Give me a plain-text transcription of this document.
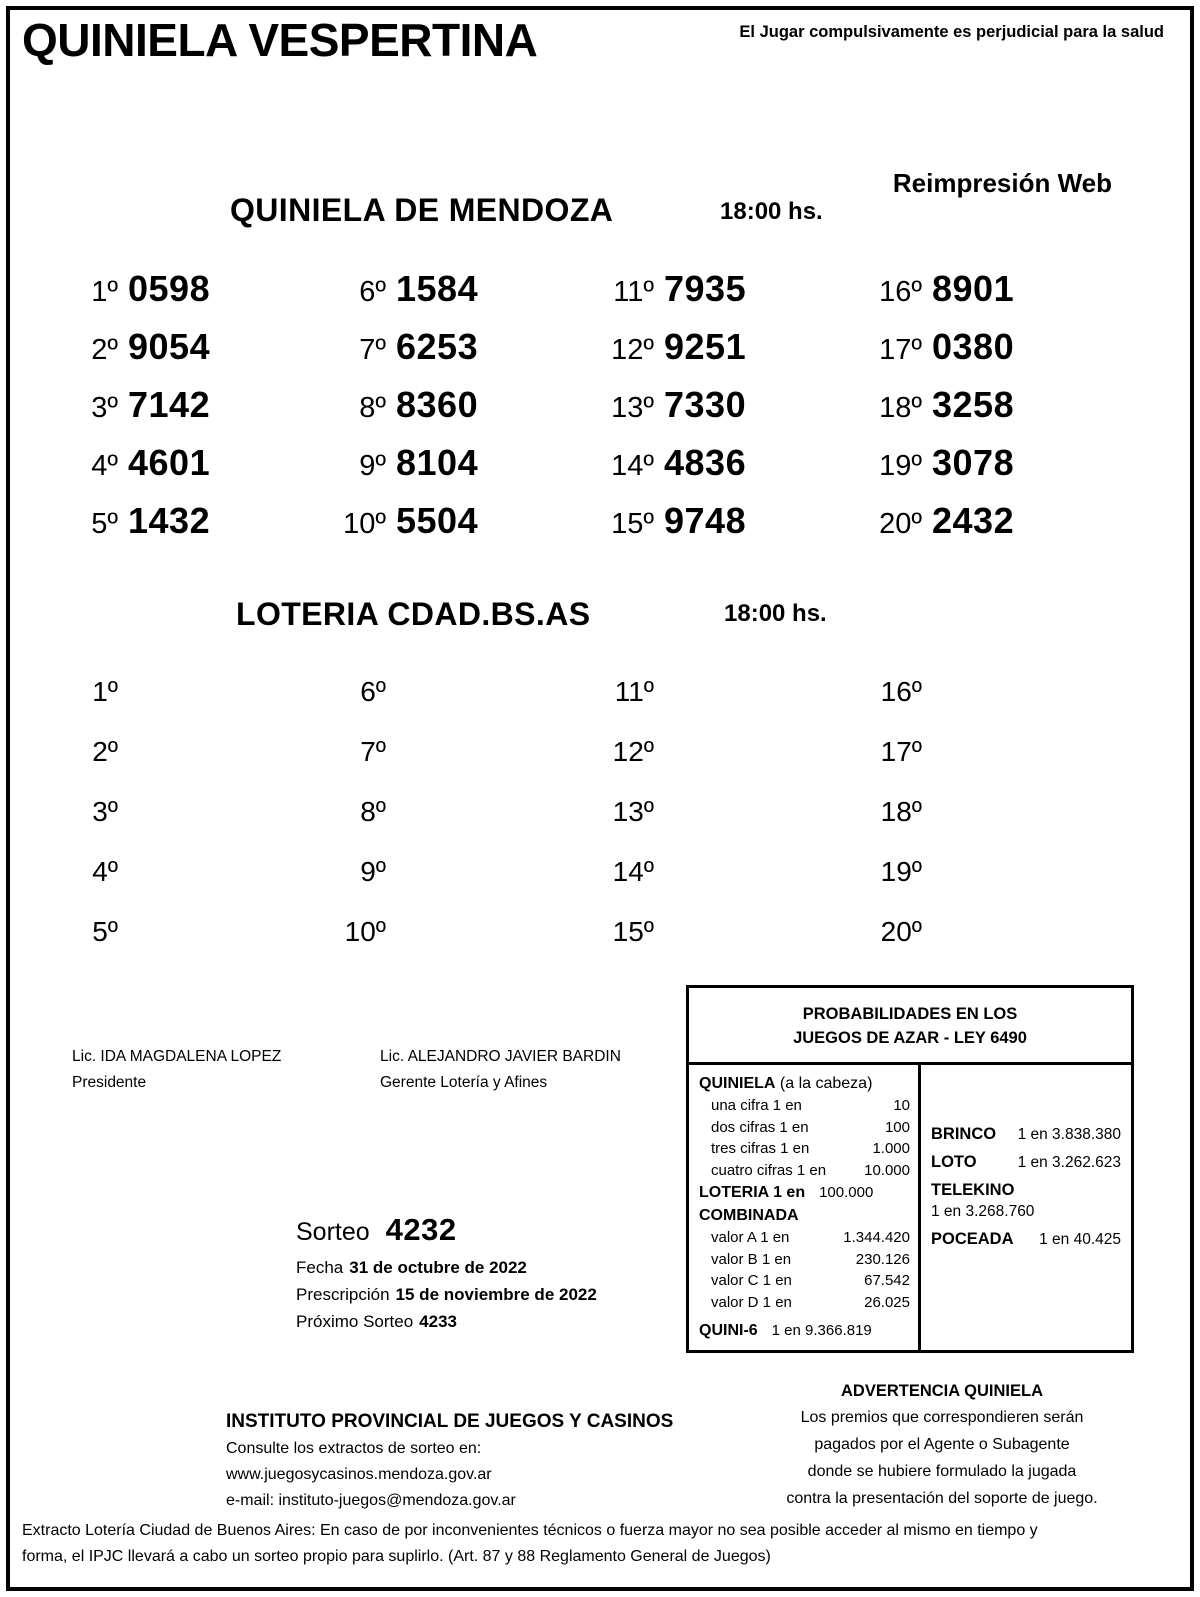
QUINIELA VESPERTINA	El Jugar compulsivamente es perjudicial para la salud
Reimpresión Web
QUINIELA DE MENDOZA	18:00 hs.
1º 0598	6º 1584	11º 7935	16º 8901
2º 9054	7º 6253	12º 9251	17º 0380
3º 7142	8º 8360	13º 7330	18º 3258
4º 4601	9º 8104	14º 4836	19º 3078
5º 1432	10º 5504	15º 9748	20º 2432
LOTERIA CDAD.BS.AS	18:00 hs.
1º	6º	11º	16º
2º	7º	12º	17º
3º	8º	13º	18º
4º	9º	14º	19º
5º	10º	15º	20º
Lic. IDA MAGDALENA LOPEZ
Presidente
Lic. ALEJANDRO JAVIER BARDIN
Gerente Lotería y Afines
Sorteo 4232
Fecha 31 de octubre de 2022
Prescripción 15 de noviembre de 2022
Próximo Sorteo 4233
PROBABILIDADES EN LOS
JUEGOS DE AZAR - LEY 6490
QUINIELA (a la cabeza)
una cifra 1 en	10
dos cifras 1 en	100
tres cifras 1 en	1.000
cuatro cifras 1 en	10.000
LOTERIA 1 en 100.000
COMBINADA
valor A 1 en	1.344.420
valor B 1 en	230.126
valor C 1 en	67.542
valor D 1 en	26.025
QUINI-6 1 en 9.366.819
BRINCO 1 en 3.838.380
LOTO	1 en 3.262.623
TELEKINO
1 en 3.268.760
POCEADA 1 en 40.425
ADVERTENCIA QUINIELA
Los premios que correspondieren serán
pagados por el Agente o Subagente
donde se hubiere formulado la jugada
contra la presentación del soporte de juego.
INSTITUTO PROVINCIAL DE JUEGOS Y CASINOS
Consulte los extractos de sorteo en:
www.juegosycasinos.mendoza.gov.ar
e-mail: instituto-juegos@mendoza.gov.ar
Extracto Lotería Ciudad de Buenos Aires: En caso de por inconvenientes técnicos o fuerza mayor no sea posible acceder al mismo en tiempo y
forma, el IPJC llevará a cabo un sorteo propio para suplirlo. (Art. 87 y 88 Reglamento General de Juegos)
